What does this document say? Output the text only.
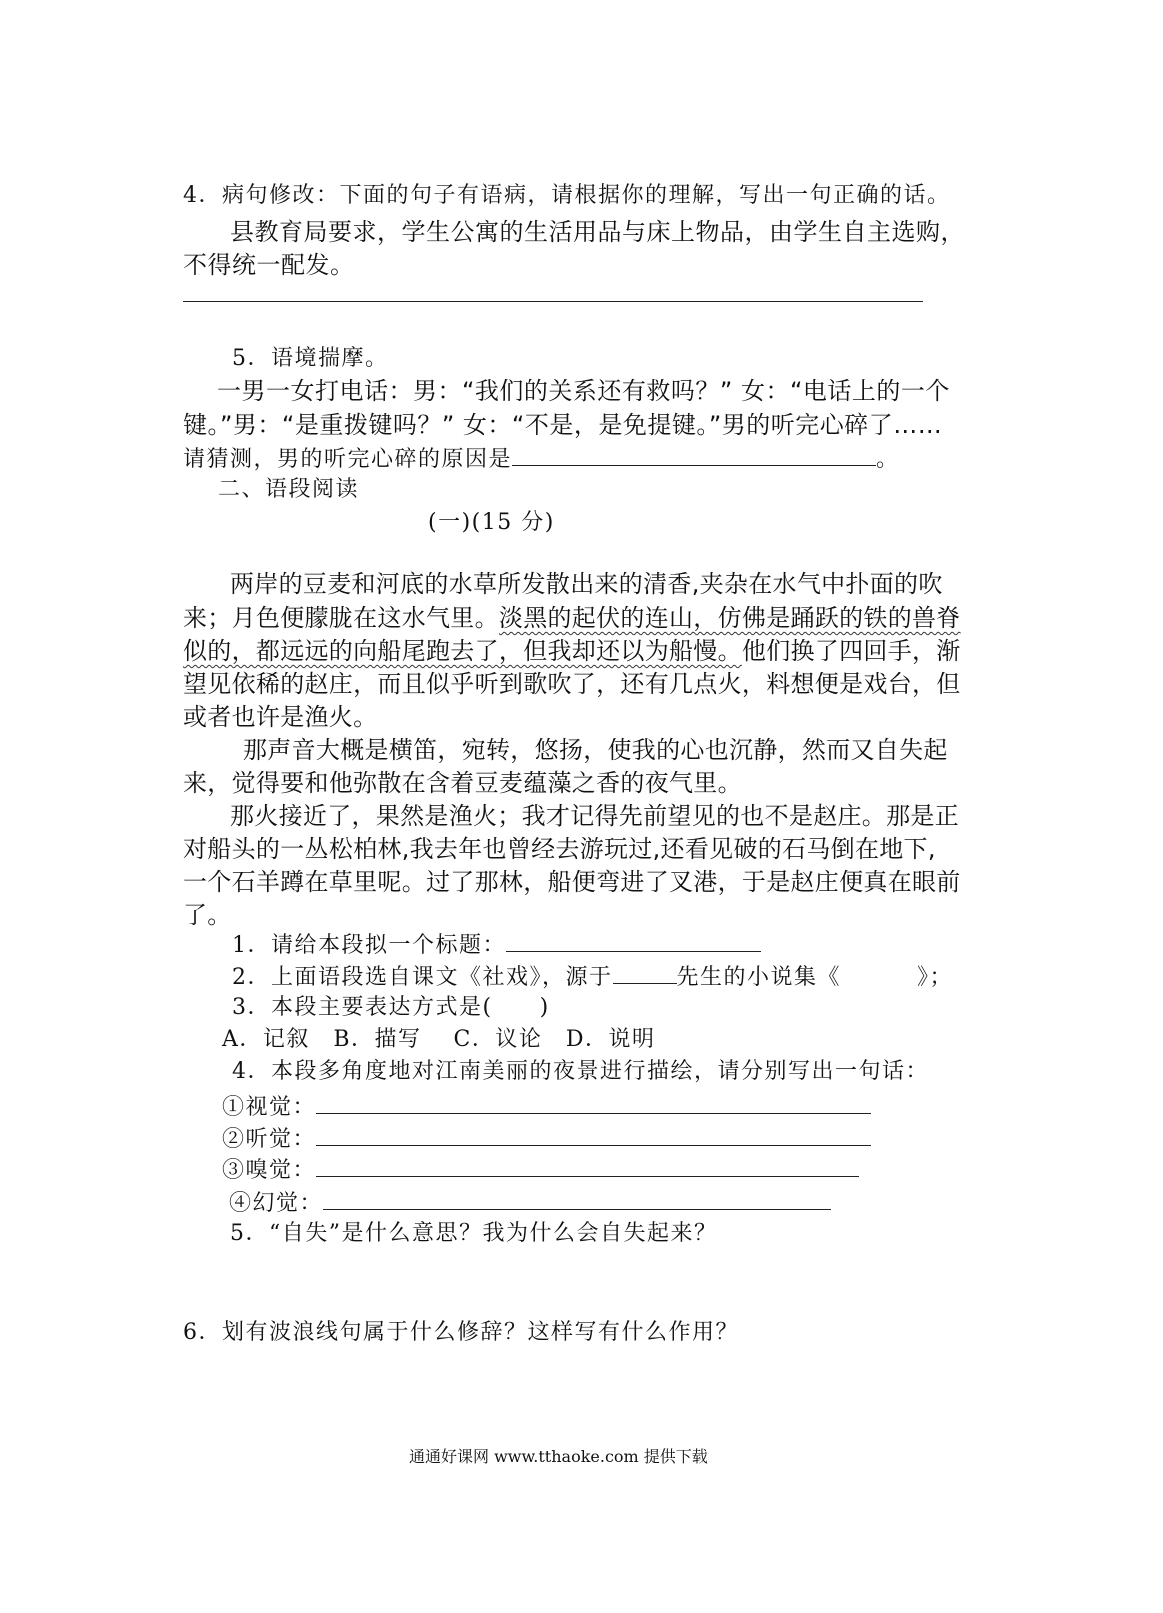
4．病句修改：下面的句子有语病，请根据你的理解，写出一句正确的话。
县教育局要求，学生公寓的生活用品与床上物品，由学生自主选购，
不得统一配发。
5．语境揣摩。
一男一女打电话：男：“我们的关系还有救吗？” 女：“电话上的一个
键。”男：“是重拨键吗？” 女：“不是，是免提键。”男的听完心碎了……
请猜测，男的听完心碎的原因是	。
二、语段阅读
(一)(15 分)
两岸的豆麦和河底的水草所发散出来的清香,夹杂在水气中扑面的吹
来；月色便朦胧在这水气里。淡黑的起伏的连山，仿佛是踊跃的铁的兽脊
似的，都远远的向船尾跑去了，但我却还以为船慢。他们换了四回手，渐
望见依稀的赵庄，而且似乎听到歌吹了，还有几点火，料想便是戏台，但
或者也许是渔火。
那声音大概是横笛，宛转，悠扬，使我的心也沉静，然而又自失起
来，觉得要和他弥散在含着豆麦蕴藻之香的夜气里。
那火接近了，果然是渔火；我才记得先前望见的也不是赵庄。那是正
对船头的一丛松柏林,我去年也曾经去游玩过,还看见破的石马倒在地下,
一个石羊蹲在草里呢。过了那林，船便弯进了叉港，于是赵庄便真在眼前
了。
1．请给本段拟一个标题：
2．上面语段选自课文《社戏》，源于	先生的小说集《	》；
3．本段主要表达方式是(　　)
A．记叙　B．描写　 C．议论　D．说明
4．本段多角度地对江南美丽的夜景进行描绘，请分别写出一句话：
①视觉：
②听觉：
③嗅觉：
④幻觉：
5．“自失”是什么意思？我为什么会自失起来？
6．划有波浪线句属于什么修辞？这样写有什么作用？
通通好课网 www.tthaoke.com 提供下载
